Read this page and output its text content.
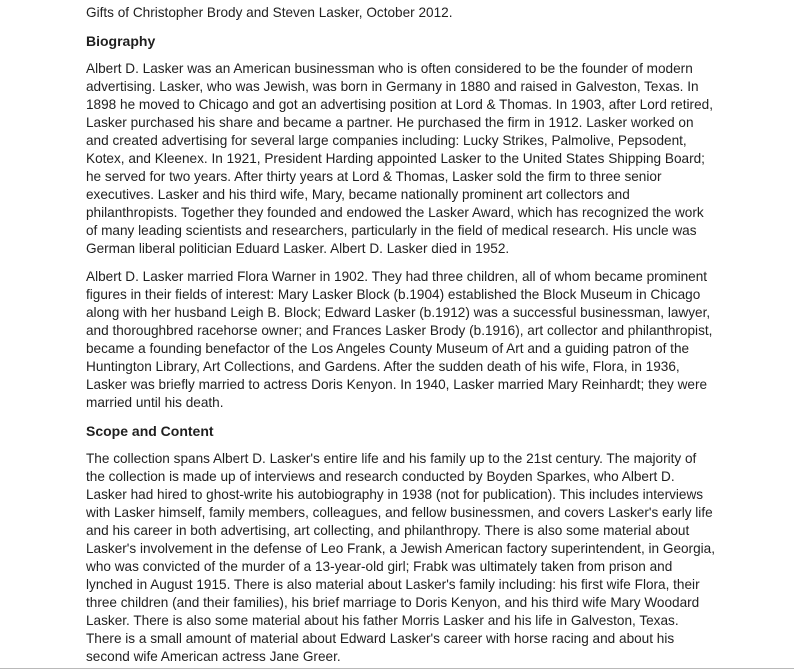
Gifts of Christopher Brody and Steven Lasker, October 2012.

Biography

Albert D. Lasker was an American businessman who is often considered to be the founder of modern

advertising. Lasker, who was Jewish, was born in Germany in 1880 and raised in Galveston, Texas. In

1898 he moved to Chicago and got an advertising position at Lord & Thomas. In 1903, after Lord retired,

Lasker purchased his share and became a partner. He purchased the firm in 1912. Lasker worked on

and created advertising for several large companies including: Lucky Strikes, Palmolive, Pepsodent,

Kotex, and Kleenex. In 1921, President Harding appointed Lasker to the United States Shipping Board;

he served for two years. After thirty years at Lord & Thomas, Lasker sold the firm to three senior

executives. Lasker and his third wife, Mary, became nationally prominent art collectors and

philanthropists. Together they founded and endowed the Lasker Award, which has recognized the work

of many leading scientists and researchers, particularly in the field of medical research. His uncle was

German liberal politician Eduard Lasker. Albert D. Lasker died in 1952.

Albert D. Lasker married Flora Warner in 1902. They had three children, all of whom became prominent

figures in their fields of interest: Mary Lasker Block (b.1904) established the Block Museum in Chicago

along with her husband Leigh B. Block; Edward Lasker (b.1912) was a successful businessman, lawyer,

and thoroughbred racehorse owner; and Frances Lasker Brody (b.1916), art collector and philanthropist,

became a founding benefactor of the Los Angeles County Museum of Art and a guiding patron of the

Huntington Library, Art Collections, and Gardens. After the sudden death of his wife, Flora, in 1936,

Lasker was briefly married to actress Doris Kenyon. In 1940, Lasker married Mary Reinhardt; they were

married until his death.

Scope and Content

The collection spans Albert D. Lasker's entire life and his family up to the 21st century. The majority of

the collection is made up of interviews and research conducted by Boyden Sparkes, who Albert D.

Lasker had hired to ghost-write his autobiography in 1938 (not for publication). This includes interviews

with Lasker himself, family members, colleagues, and fellow businessmen, and covers Lasker's early life

and his career in both advertising, art collecting, and philanthropy. There is also some material about

Lasker's involvement in the defense of Leo Frank, a Jewish American factory superintendent, in Georgia,

who was convicted of the murder of a 13-year-old girl; Frabk was ultimately taken from prison and

lynched in August 1915. There is also material about Lasker's family including: his first wife Flora, their

three children (and their families), his brief marriage to Doris Kenyon, and his third wife Mary Woodard

Lasker. There is also some material about his father Morris Lasker and his life in Galveston, Texas.

There is a small amount of material about Edward Lasker's career with horse racing and about his

second wife American actress Jane Greer.
